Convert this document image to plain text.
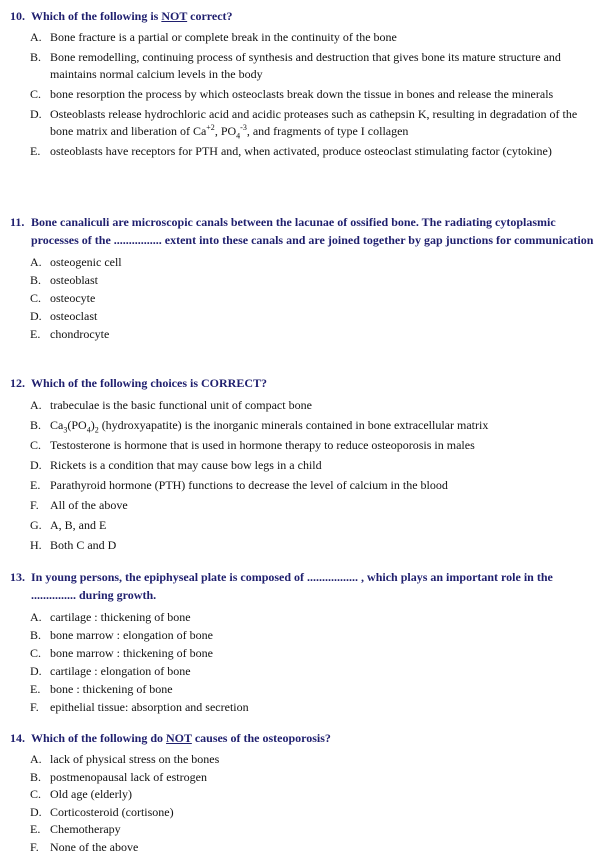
10. Which of the following is NOT correct?
A. Bone fracture is a partial or complete break in the continuity of the bone
B. Bone remodelling, continuing process of synthesis and destruction that gives bone its mature structure and maintains normal calcium levels in the body
C. bone resorption the process by which osteoclasts break down the tissue in bones and release the minerals
D. Osteoblasts release hydrochloric acid and acidic proteases such as cathepsin K, resulting in degradation of the bone matrix and liberation of $Ca^{+2}$, $PO_4^{-3}$, and fragments of type I collagen
E. osteoblasts have receptors for PTH and, when activated, produce osteoclast stimulating factor (cytokine)
11. Bone canaliculi are microscopic canals between the lacunae of ossified bone. The radiating cytoplasmic processes of the ................ extent into these canals and are joined together by gap junctions for communication
A. osteogenic cell
B. osteoblast
C. osteocyte
D. osteoclast
E. chondrocyte
12. Which of the following choices is CORRECT?
A. trabeculae is the basic functional unit of compact bone
B. $Ca_3(PO_4)_2$ (hydroxyapatite) is the inorganic minerals contained in bone extracellular matrix
C. Testosterone is hormone that is used in hormone therapy to reduce osteoporosis in males
D. Rickets is a condition that may cause bow legs in a child
E. Parathyroid hormone (PTH) functions to decrease the level of calcium in the blood
F. All of the above
G. A, B, and E
H. Both C and D
13. In young persons, the epiphyseal plate is composed of ................. , which plays an important role in the ............... during growth.
A. cartilage : thickening of bone
B. bone marrow : elongation of bone
C. bone marrow : thickening of bone
D. cartilage : elongation of bone
E. bone : thickening of bone
F. epithelial tissue: absorption and secretion
14. Which of the following do NOT causes of the osteoporosis?
A. lack of physical stress on the bones
B. postmenopausal lack of estrogen
C. Old age (elderly)
D. Corticosteroid (cortisone)
E. Chemotherapy
F. None of the above
